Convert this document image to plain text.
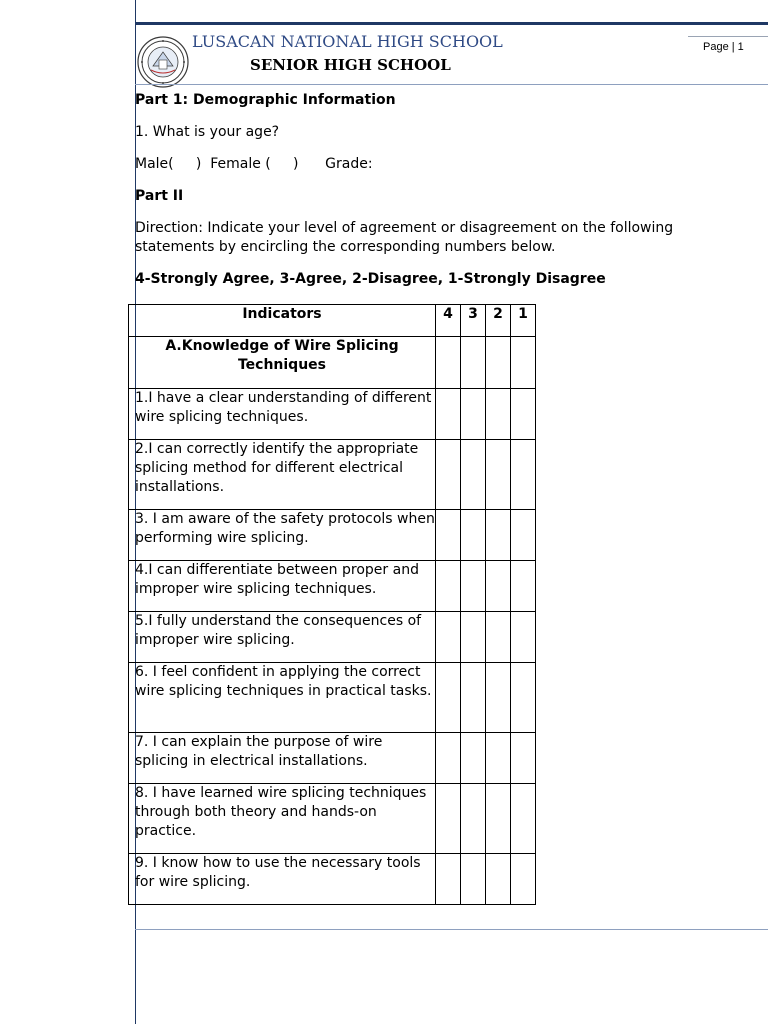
LUSACAN NATIONAL HIGH SCHOOL
SENIOR HIGH SCHOOL
Page | 1
Part 1: Demographic Information
1. What is your age?
Male(     )  Female (     )      Grade:
Part II
Direction: Indicate your level of agreement or disagreement on the following statements by encircling the corresponding numbers below.
4-Strongly Agree, 3-Agree, 2-Disagree, 1-Strongly Disagree
Indicators	4	3	2	1
A.Knowledge of Wire Splicing Techniques				
1.I have a clear understanding of different wire splicing techniques.				
2.I can correctly identify the appropriate splicing method for different electrical installations.				
3. I am aware of the safety protocols when performing wire splicing.				
4.I can differentiate between proper and improper wire splicing techniques.				
5.I fully understand the consequences of improper wire splicing.				
6. I feel confident in applying the correct wire splicing techniques in practical tasks.				
7. I can explain the purpose of wire splicing in electrical installations.				
8. I have learned wire splicing techniques through both theory and hands-on practice.				
9. I know how to use the necessary tools for wire splicing.				
